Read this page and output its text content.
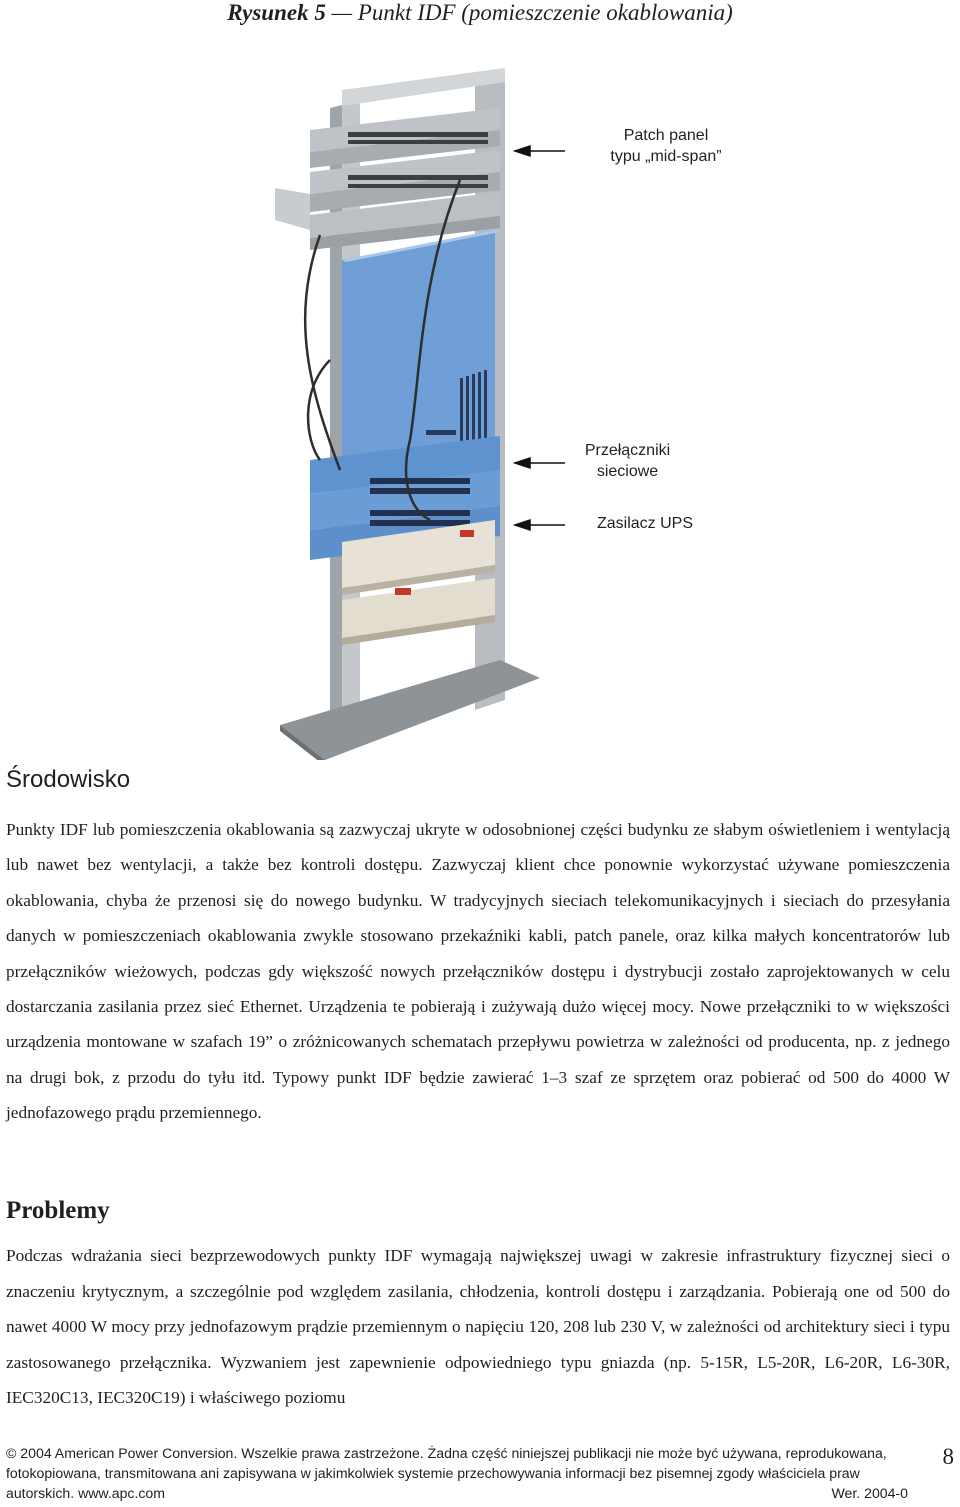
Rysunek 5 — Punkt IDF (pomieszczenie okablowania)
Patch panel
typu „mid-span”
Przełączniki
sieciowe
Zasilacz UPS
Środowisko

Punkty IDF lub pomieszczenia okablowania są zazwyczaj ukryte w odosobnionej części budynku ze słabym oświetleniem i wentylacją lub nawet bez wentylacji, a także bez kontroli dostępu. Zazwyczaj klient chce ponownie wykorzystać używane pomieszczenia okablowania, chyba że przenosi się do nowego budynku. W tradycyjnych sieciach telekomunikacyjnych i sieciach do przesyłania danych w pomieszczeniach okablowania zwykle stosowano przekaźniki kabli, patch panele, oraz kilka małych koncentratorów lub przełączników wieżowych, podczas gdy większość nowych przełączników dostępu i dystrybucji zostało zaprojektowanych w celu dostarczania zasilania przez sieć Ethernet. Urządzenia te pobierają i zużywają dużo więcej mocy. Nowe przełączniki to w większości urządzenia montowane w szafach 19” o zróżnicowanych schematach przepływu powietrza w zależności od producenta, np. z jednego na drugi bok, z przodu do tyłu itd. Typowy punkt IDF będzie zawierać 1–3 szaf ze sprzętem oraz pobierać od 500 do 4000 W jednofazowego prądu przemiennego.

Problemy

Podczas wdrażania sieci bezprzewodowych punkty IDF wymagają największej uwagi w zakresie infrastruktury fizycznej sieci o znaczeniu krytycznym, a szczególnie pod względem zasilania, chłodzenia, kontroli dostępu i zarządzania. Pobierają one od 500 do nawet 4000 W mocy przy jednofazowym prądzie przemiennym o napięciu 120, 208 lub 230 V, w zależności od architektury sieci i typu zastosowanego przełącznika. Wyzwaniem jest zapewnienie odpowiedniego typu gniazda (np. 5-15R, L5-20R, L6-20R, L6-30R, IEC320C13, IEC320C19) i właściwego poziomu

© 2004 American Power Conversion. Wszelkie prawa zastrzeżone. Żadna część niniejszej publikacji nie może być używana, reprodukowana,
fotokopiowana, transmitowana ani zapisywana w jakimkolwiek systemie przechowywania informacji bez pisemnej zgody właściciela praw
autorskich. www.apc.com	Wer. 2004-0
8
